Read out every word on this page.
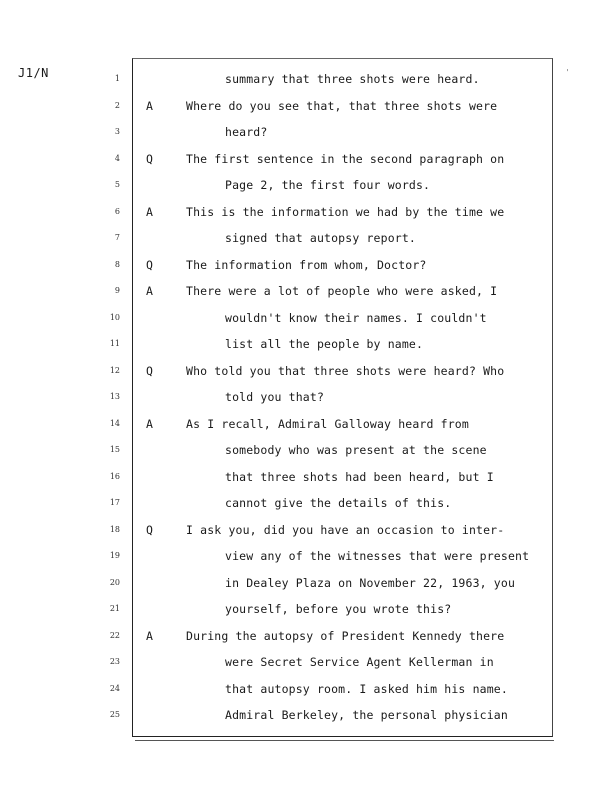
J1/N	'
1	summary that three shots were heard.
2 A	Where do you see that, that three shots were
3	heard?
4 Q	The first sentence in the second paragraph on
5	Page 2, the first four words.
6 A	This is the information we had by the time we
7	signed that autopsy report.
8 Q	The information from whom, Doctor?
9 A	There were a lot of people who were asked, I
10	wouldn't know their names. I couldn't
11	list all the people by name.
12 Q	Who told you that three shots were heard? Who
13	told you that?
14 A	As I recall, Admiral Galloway heard from
15	somebody who was present at the scene
16	that three shots had been heard, but I
17	cannot give the details of this.
18 Q	I ask you, did you have an occasion to inter-
19	view any of the witnesses that were present
20	in Dealey Plaza on November 22, 1963, you
21	yourself, before you wrote this?
22 A	During the autopsy of President Kennedy there
23	were Secret Service Agent Kellerman in
24	that autopsy room. I asked him his name.
25	Admiral Berkeley, the personal physician
